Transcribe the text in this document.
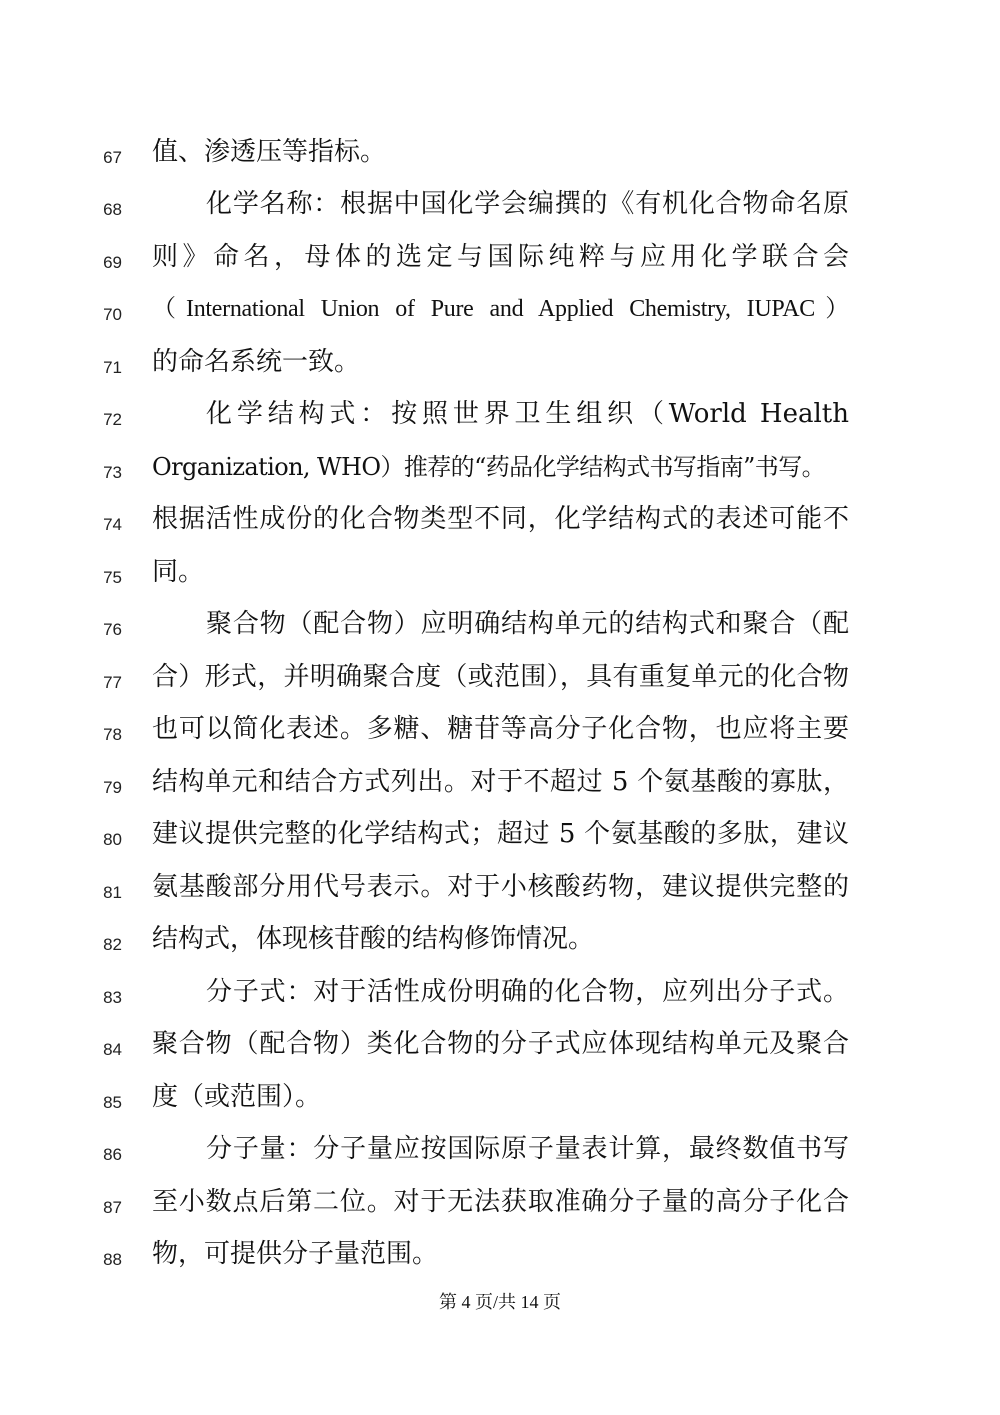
67 值、渗透压等指标。
68	化学名称：根据中国化学会编撰的《有机化合物命名原
69 则》命名，母体的选定与国际纯粹与应用化学联合会
70 （International Union of Pure and Applied Chemistry, IUPAC）
71 的命名系统一致。
72	化学结构式：按照世界卫生组织（World Health
73 Organization, WHO）推荐的“药品化学结构式书写指南”书写。
74 根据活性成份的化合物类型不同，化学结构式的表述可能不
75 同。
76	聚合物（配合物）应明确结构单元的结构式和聚合（配
77 合）形式，并明确聚合度（或范围），具有重复单元的化合物
78 也可以简化表述。多糖、糖苷等高分子化合物，也应将主要
79 结构单元和结合方式列出。对于不超过 5 个氨基酸的寡肽，
80 建议提供完整的化学结构式；超过 5 个氨基酸的多肽，建议
81 氨基酸部分用代号表示。对于小核酸药物，建议提供完整的
82 结构式，体现核苷酸的结构修饰情况。
83	分子式：对于活性成份明确的化合物，应列出分子式。
84 聚合物（配合物）类化合物的分子式应体现结构单元及聚合
85 度（或范围）。
86	分子量：分子量应按国际原子量表计算，最终数值书写
87 至小数点后第二位。对于无法获取准确分子量的高分子化合
88 物，可提供分子量范围。
第 4 页/共 14 页
